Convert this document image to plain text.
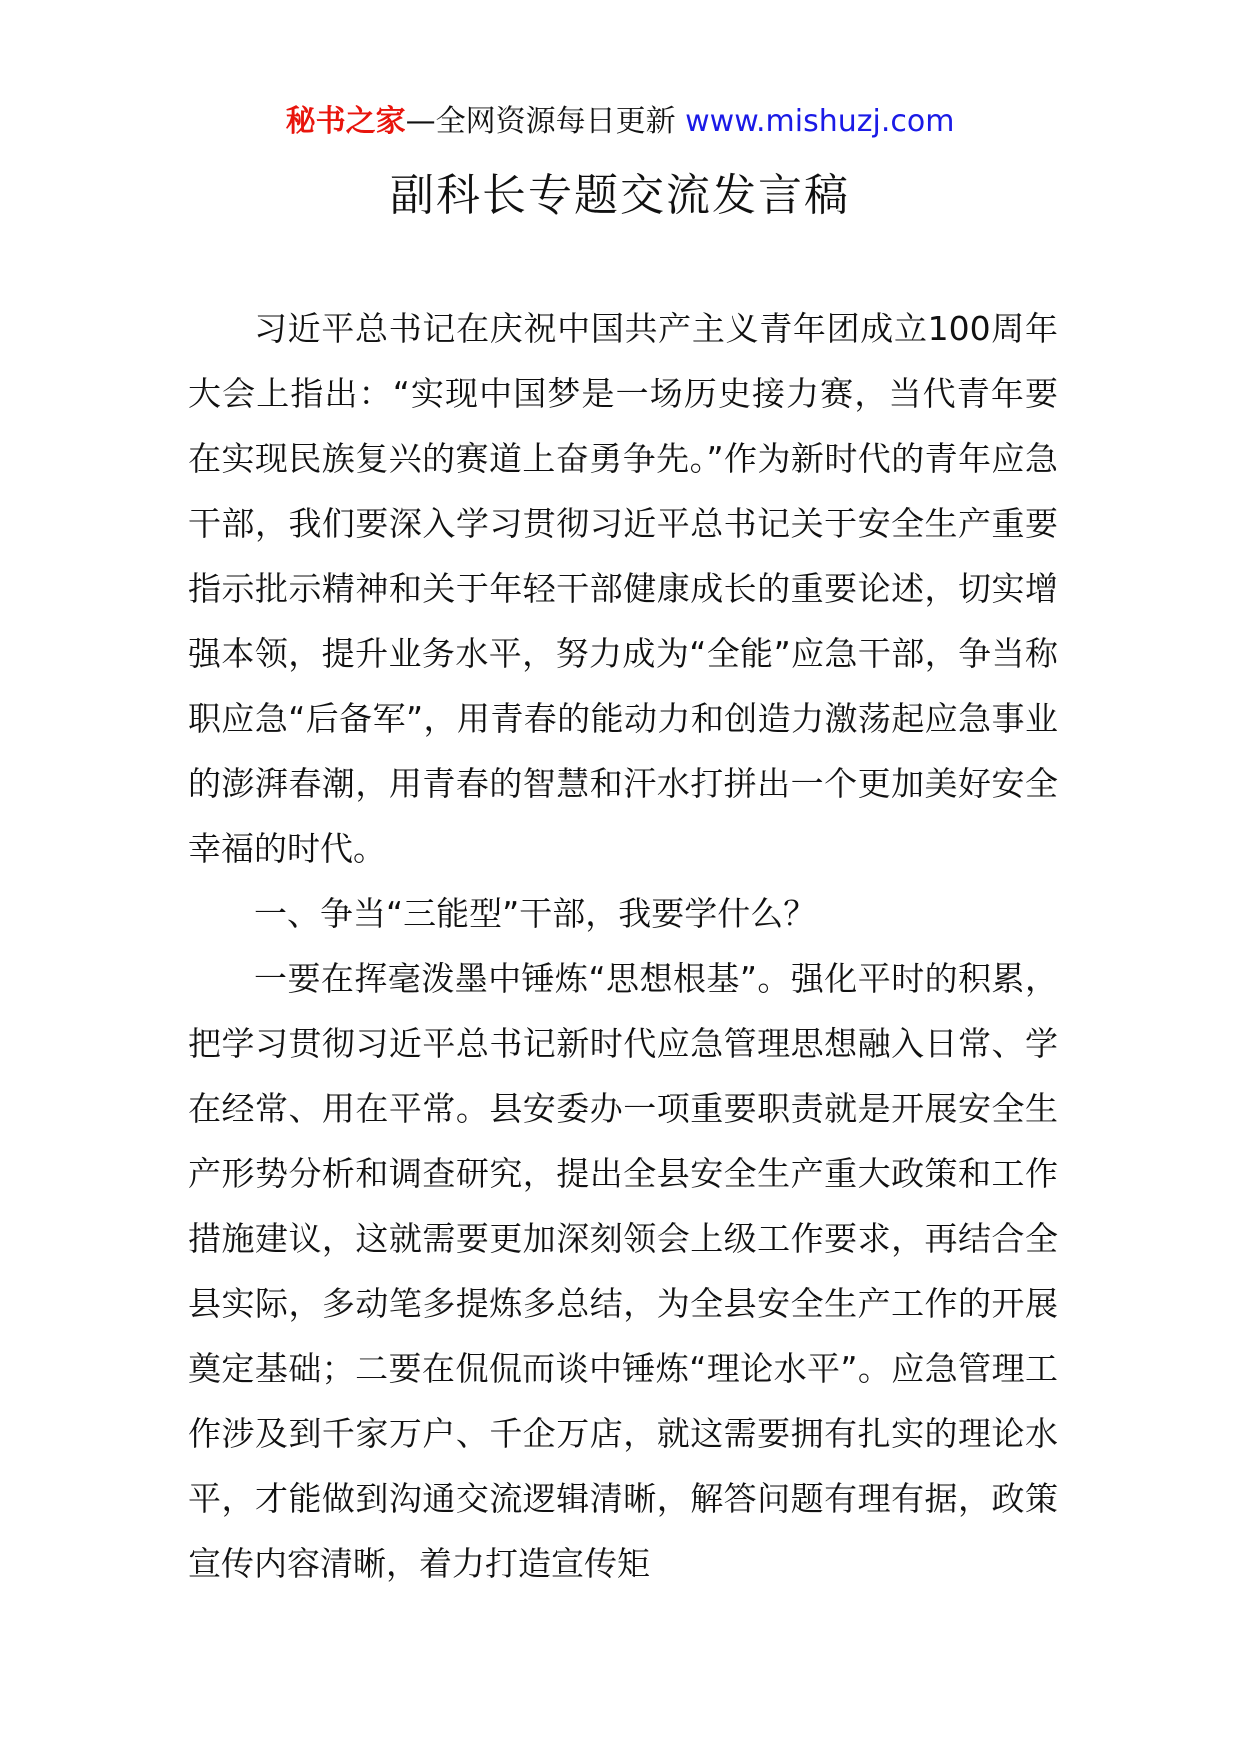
秘书之家—全网资源每日更新 www.mishuzj.com
副科长专题交流发言稿

习近平总书记在庆祝中国共产主义青年团成立100周年大会上指出：“实现中国梦是一场历史接力赛，当代青年要在实现民族复兴的赛道上奋勇争先。”作为新时代的青年应急干部，我们要深入学习贯彻习近平总书记关于安全生产重要指示批示精神和关于年轻干部健康成长的重要论述，切实增强本领，提升业务水平，努力成为“全能”应急干部，争当称职应急“后备军”，用青春的能动力和创造力激荡起应急事业的澎湃春潮，用青春的智慧和汗水打拼出一个更加美好安全幸福的时代。

一、争当“三能型”干部，我要学什么？

一要在挥毫泼墨中锤炼“思想根基”。强化平时的积累，把学习贯彻习近平总书记新时代应急管理思想融入日常、学在经常、用在平常。县安委办一项重要职责就是开展安全生产形势分析和调查研究，提出全县安全生产重大政策和工作措施建议，这就需要更加深刻领会上级工作要求，再结合全县实际，多动笔多提炼多总结，为全县安全生产工作的开展奠定基础；二要在侃侃而谈中锤炼“理论水平”。应急管理工作涉及到千家万户、千企万店，就这需要拥有扎实的理论水平，才能做到沟通交流逻辑清晰，解答问题有理有据，政策宣传内容清晰，着力打造宣传矩
